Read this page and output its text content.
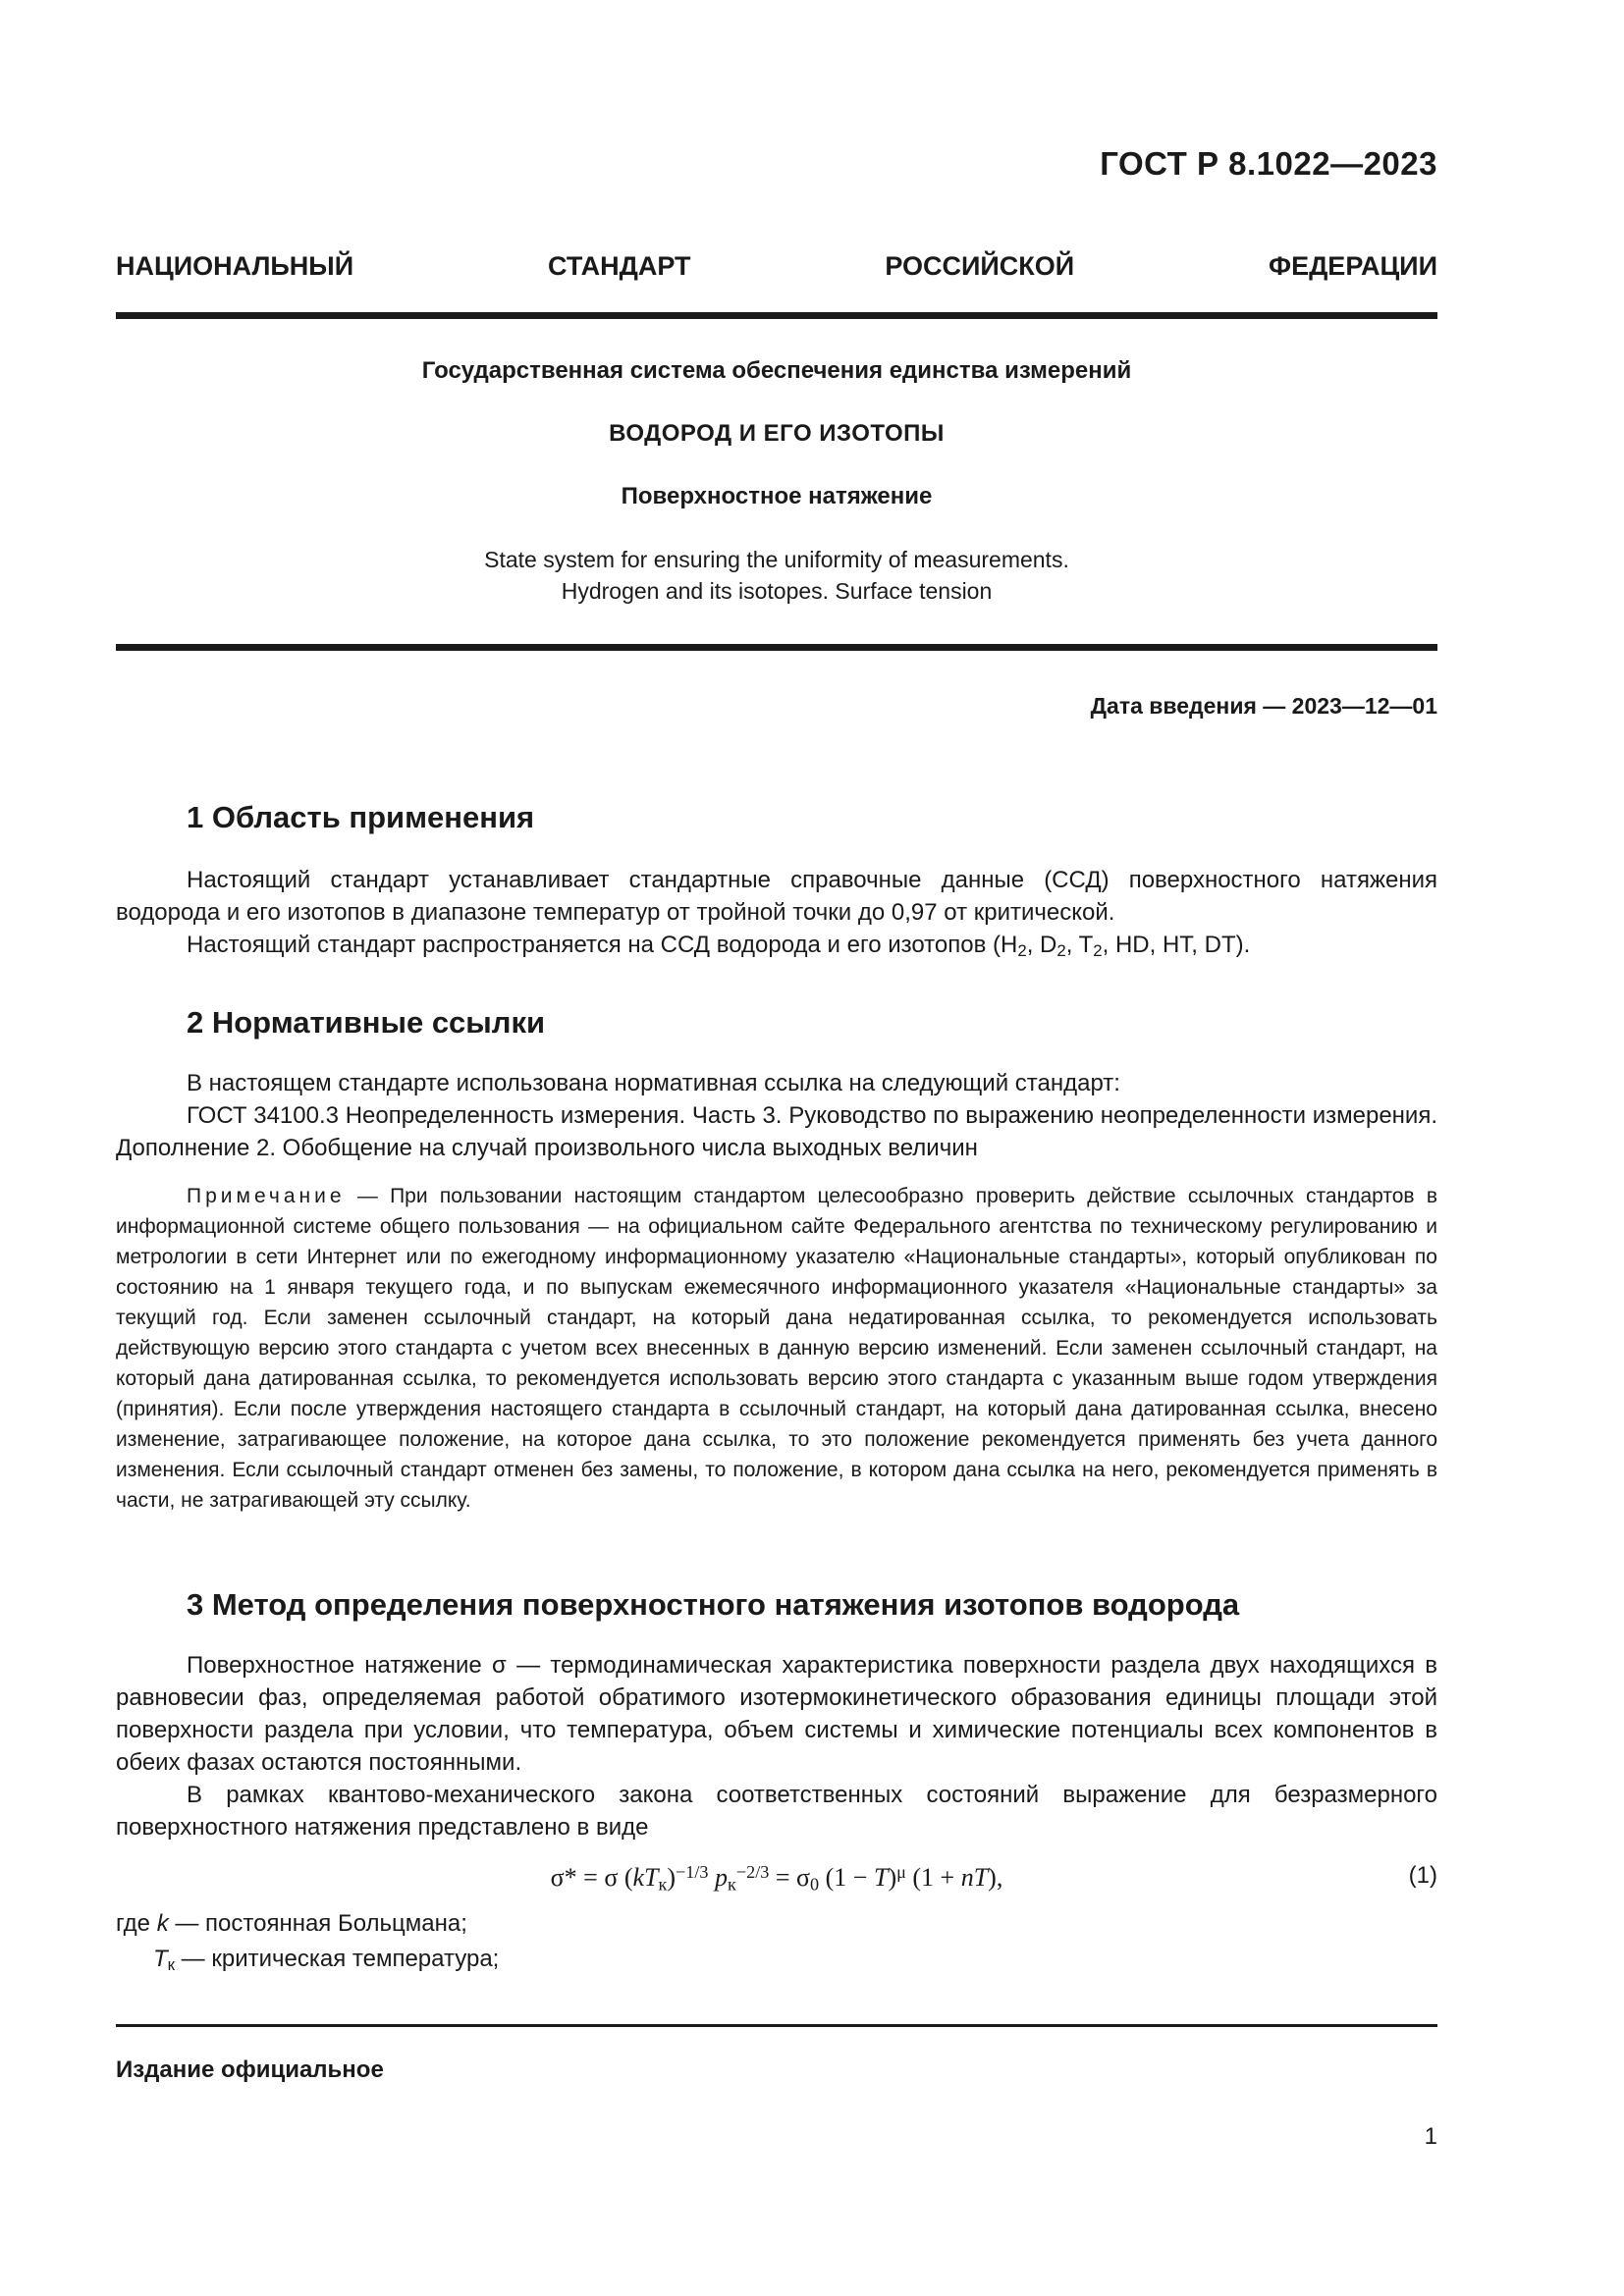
ГОСТ Р 8.1022—2023
НАЦИОНАЛЬНЫЙ СТАНДАРТ РОССИЙСКОЙ ФЕДЕРАЦИИ
Государственная система обеспечения единства измерений
ВОДОРОД И ЕГО ИЗОТОПЫ
Поверхностное натяжение
State system for ensuring the uniformity of measurements.
Hydrogen and its isotopes. Surface tension
Дата введения — 2023—12—01
1 Область применения

Настоящий стандарт устанавливает стандартные справочные данные (ССД) поверхностного натяжения водорода и его изотопов в диапазоне температур от тройной точки до 0,97 от критической.

Настоящий стандарт распространяется на ССД водорода и его изотопов ($H_2$, $D_2$, $T_2$, HD, HT, DT).

2 Нормативные ссылки

В настоящем стандарте использована нормативная ссылка на следующий стандарт:

ГОСТ 34100.3 Неопределенность измерения. Часть 3. Руководство по выражению неопределенности измерения. Дополнение 2. Обобщение на случай произвольного числа выходных величин

Примечание — При пользовании настоящим стандартом целесообразно проверить действие ссылочных стандартов в информационной системе общего пользования — на официальном сайте Федерального агентства по техническому регулированию и метрологии в сети Интернет или по ежегодному информационному указателю «Национальные стандарты», который опубликован по состоянию на 1 января текущего года, и по выпускам ежемесячного информационного указателя «Национальные стандарты» за текущий год. Если заменен ссылочный стандарт, на который дана недатированная ссылка, то рекомендуется использовать действующую версию этого стандарта с учетом всех внесенных в данную версию изменений. Если заменен ссылочный стандарт, на который дана датированная ссылка, то рекомендуется использовать версию этого стандарта с указанным выше годом утверждения (принятия). Если после утверждения настоящего стандарта в ссылочный стандарт, на который дана датированная ссылка, внесено изменение, затрагивающее положение, на которое дана ссылка, то это положение рекомендуется применять без учета данного изменения. Если ссылочный стандарт отменен без замены, то положение, в котором дана ссылка на него, рекомендуется применять в части, не затрагивающей эту ссылку.

3 Метод определения поверхностного натяжения изотопов водорода

Поверхностное натяжение σ — термодинамическая характеристика поверхности раздела двух находящихся в равновесии фаз, определяемая работой обратимого изотермокинетического образования единицы площади этой поверхности раздела при условии, что температура, объем системы и химические потенциалы всех компонентов в обеих фазах остаются постоянными.

В рамках квантово-механического закона соответственных состояний выражение для безразмерного поверхностного натяжения представлено в виде

σ* = σ $(kT_к)^{-1/3}$ $p_к^{-2/3} = \sigma_0$ $(1 - T)^\mu$ (1 + nT),	(1)
где k — постоянная Больцмана;
$T_к$ — критическая температура;
Издание официальное
1
